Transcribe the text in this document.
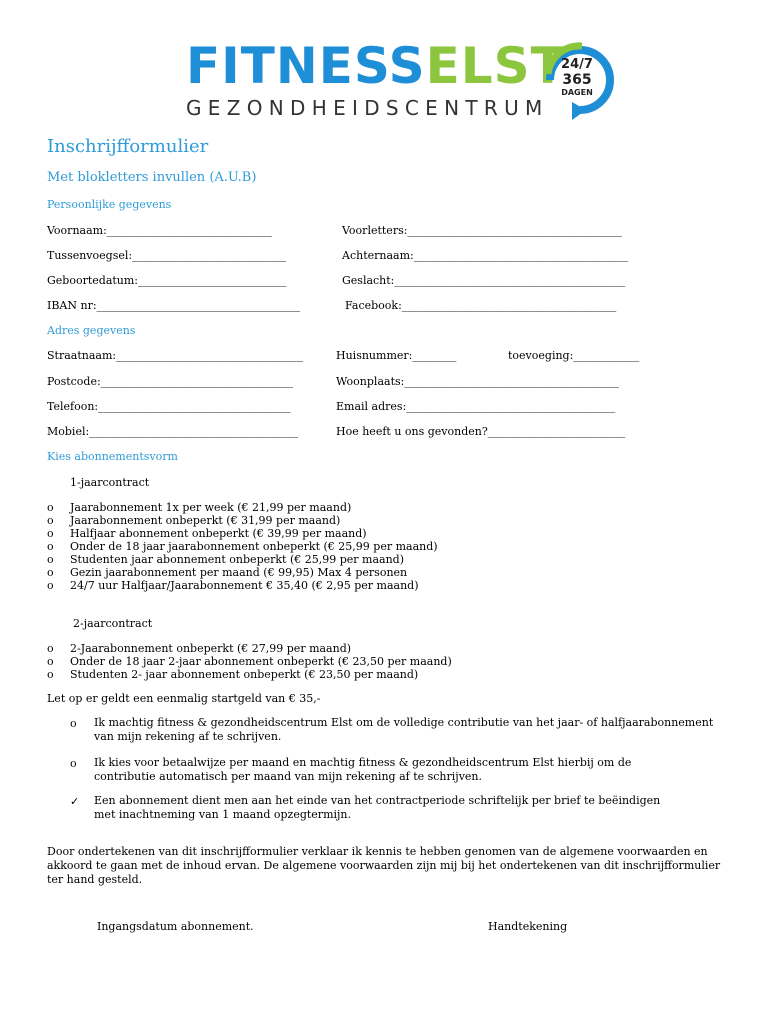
FITNESSELST
GEZONDHEIDSCENTRUM
24/7
365
DAGEN
Inschrijfformulier
Met blokletters invullen (A.U.B)
Persoonlijke gegevens
Voornaam:______________________________	Voorletters:_______________________________________
Tussenvoegsel:____________________________	Achternaam:_______________________________________
Geboortedatum:___________________________	Geslacht:__________________________________________
IBAN nr:_____________________________________	Facebook:_______________________________________
Adres gegevens
Straatnaam:__________________________________	Huisnummer:________	toevoeging:____________
Postcode:___________________________________	Woonplaats:_______________________________________
Telefoon:___________________________________	Email adres:______________________________________
Mobiel:______________________________________	Hoe heeft u ons gevonden?_________________________
Kies abonnementsvorm
1-jaarcontract
o Jaarabonnement 1x per week (€ 21,99 per maand)
o Jaarabonnement onbeperkt (€ 31,99 per maand)
o Halfjaar abonnement onbeperkt (€ 39,99 per maand)
o Onder de 18 jaar jaarabonnement onbeperkt (€ 25,99 per maand)
o Studenten jaar abonnement onbeperkt (€ 25,99 per maand)
o Gezin jaarabonnement per maand (€ 99,95) Max 4 personen
o 24/7 uur Halfjaar/Jaarabonnement € 35,40 (€ 2,95 per maand)
2-jaarcontract
o 2-Jaarabonnement onbeperkt (€ 27,99 per maand)
o Onder de 18 jaar 2-jaar abonnement onbeperkt (€ 23,50 per maand)
o Studenten 2- jaar abonnement onbeperkt (€ 23,50 per maand)
Let op er geldt een eenmalig startgeld van € 35,-
o Ik machtig fitness & gezondheidscentrum Elst om de volledige contributie van het jaar- of halfjaarabonnement van mijn rekening af te schrijven.
o Ik kies voor betaalwijze per maand en machtig fitness & gezondheidscentrum Elst hierbij om de contributie automatisch per maand van mijn rekening af te schrijven.
✓ Een abonnement dient men aan het einde van het contractperiode schriftelijk per brief te beëindigen met inachtneming van 1 maand opzegtermijn.
Door ondertekenen van dit inschrijfformulier verklaar ik kennis te hebben genomen van de algemene voorwaarden en akkoord te gaan met de inhoud ervan. De algemene voorwaarden zijn mij bij het ondertekenen van dit inschrijfformulier ter hand gesteld.
Ingangsdatum abonnement.	Handtekening
